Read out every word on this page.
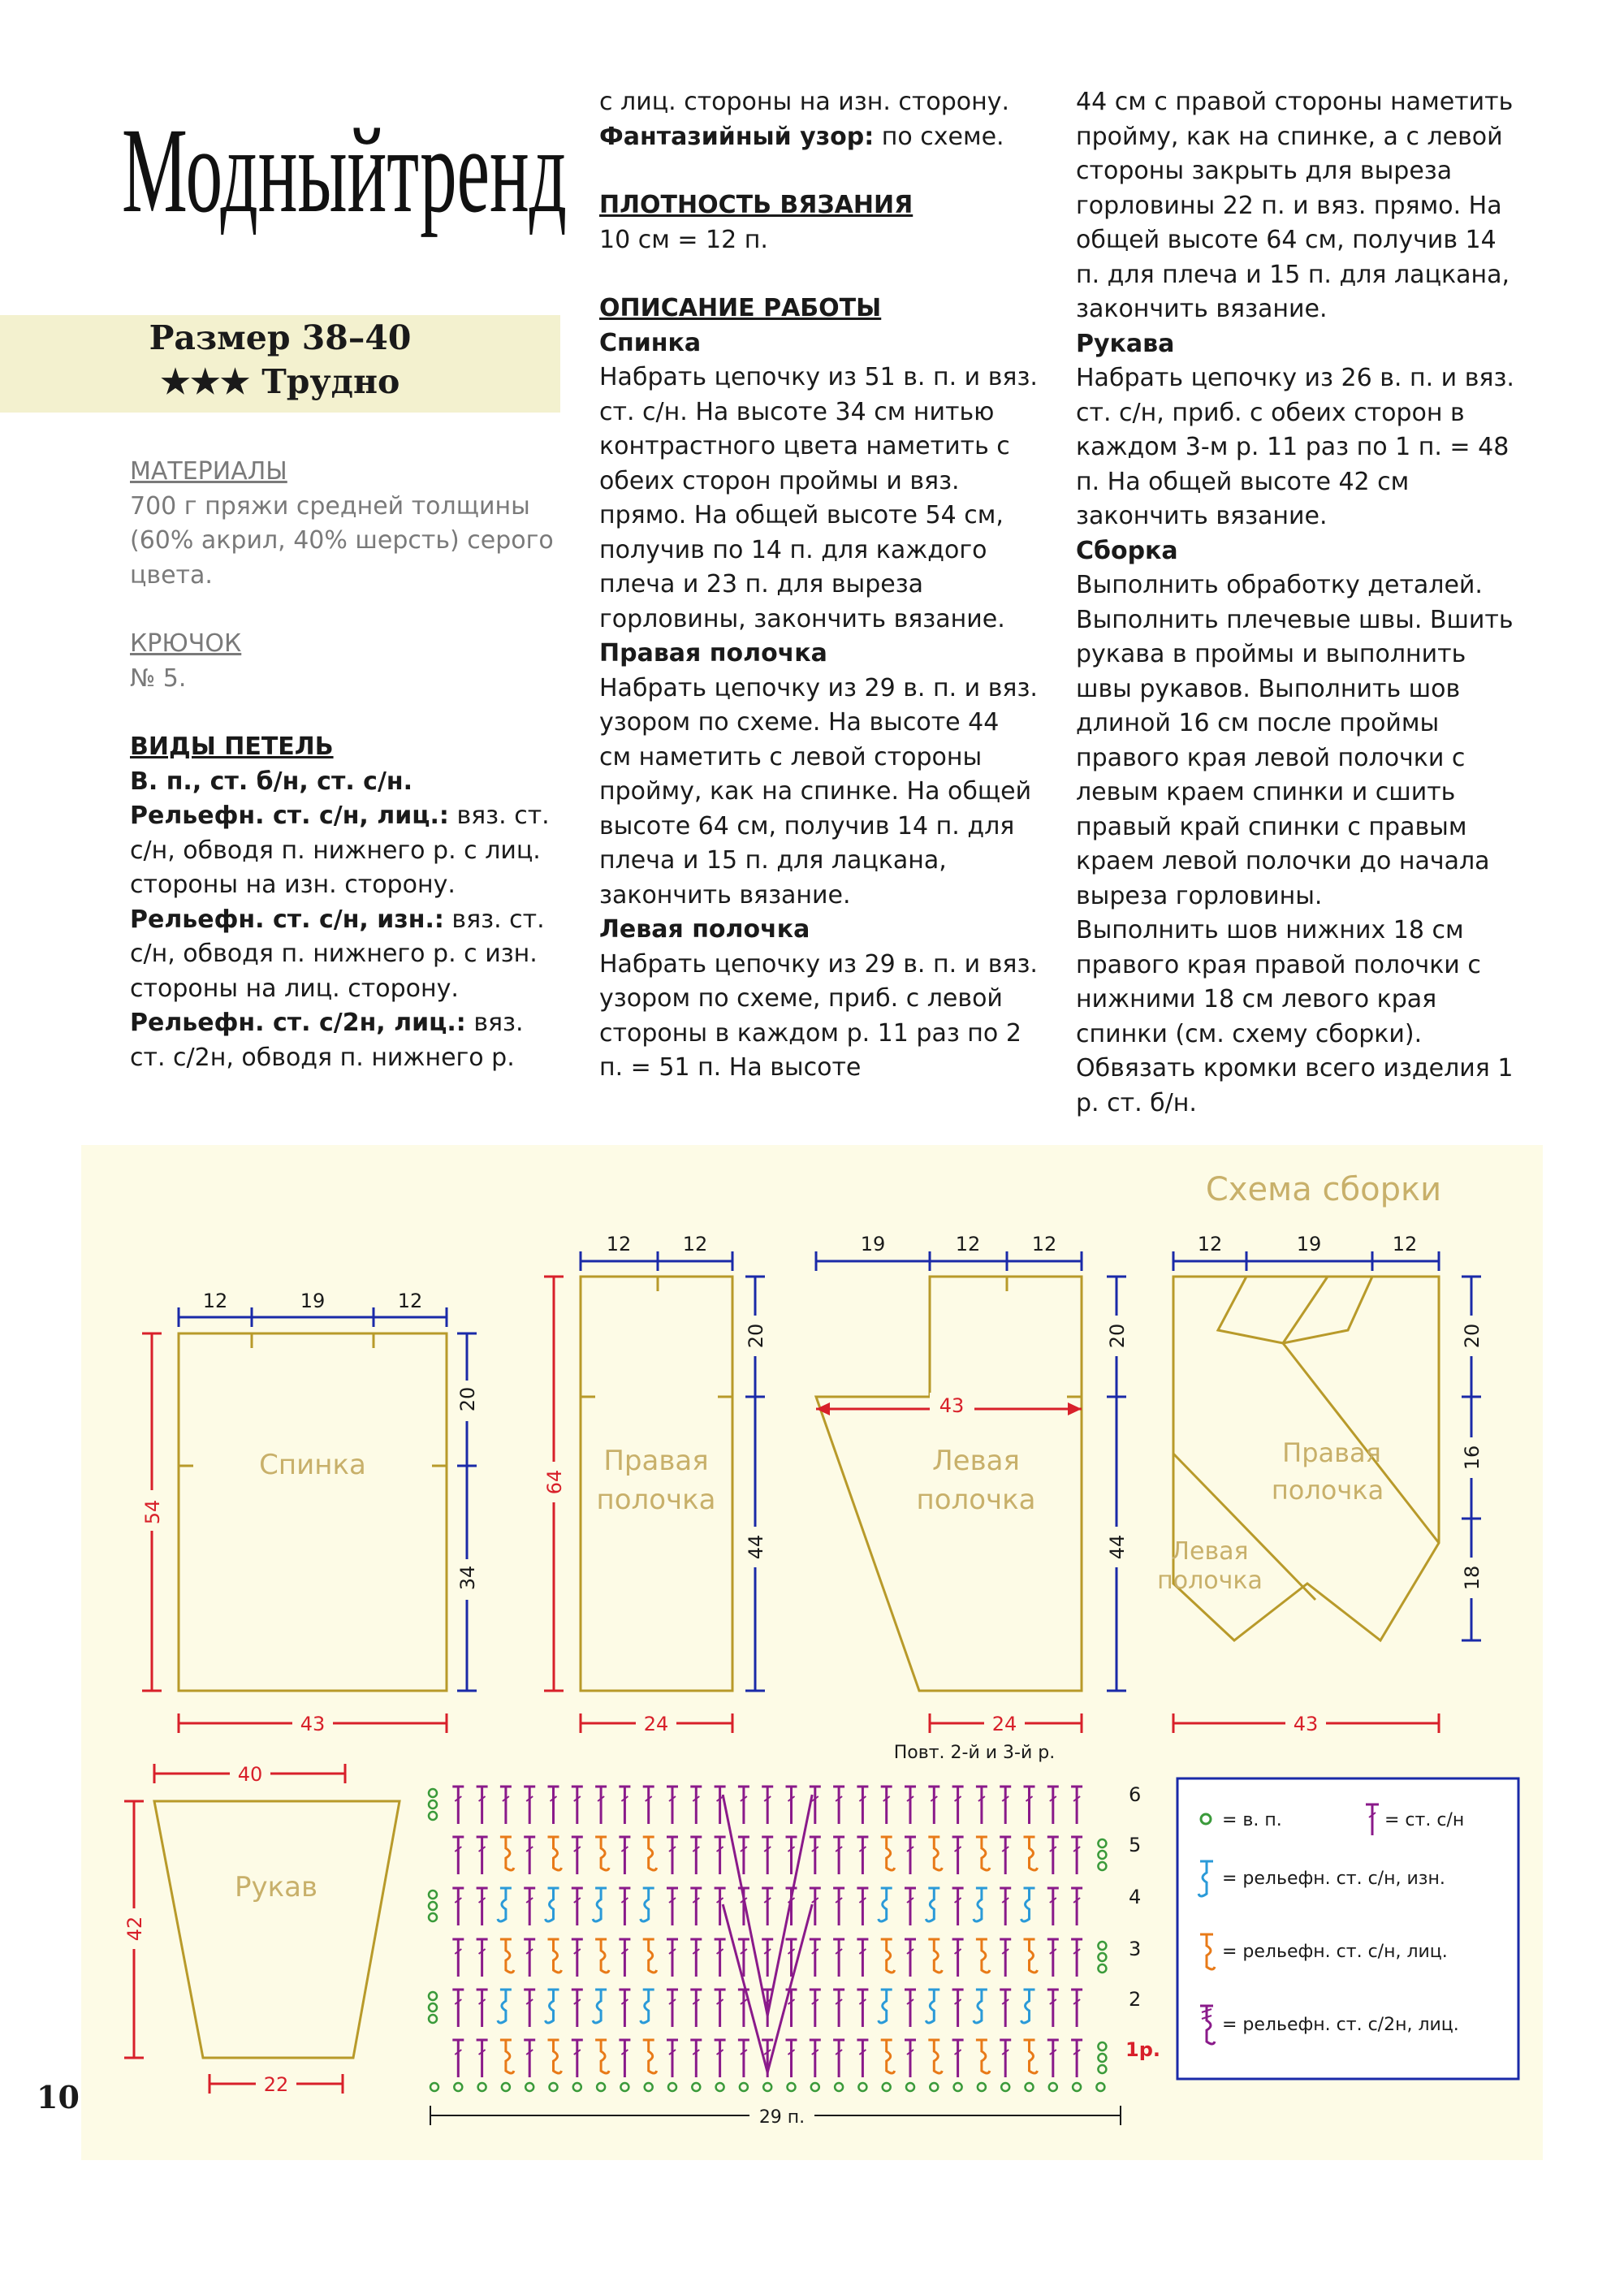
Модныйтренд
Размер 38–40
★★★ Трудно

МАТЕРИАЛЫ

700 г пряжи средней толщины (60% акрил, 40% шерсть) серого цвета.

КРЮЧОК

№ 5.

ВИДЫ ПЕТЕЛЬ

В. п., ст. б/н, ст. с/н.

Рельефн. ст. с/н, лиц.: вяз. ст. с/н, обводя п. нижнего р. с лиц. стороны на изн. сторону.

Рельефн. ст. с/н, изн.: вяз. ст. с/н, обводя п. нижнего р. с изн. стороны на лиц. сторону.

Рельефн. ст. с/2н, лиц.: вяз. ст. с/2н, обводя п. нижнего р.

с лиц. стороны на изн. сторону.

Фантазийный узор: по схеме.

ПЛОТНОСТЬ ВЯЗАНИЯ

10 см = 12 п.

ОПИСАНИЕ РАБОТЫ

Спинка

Набрать цепочку из 51 в. п. и вяз. ст. с/н. На высоте 34 см нитью контрастного цвета наметить с обеих сторон проймы и вяз. прямо. На общей высоте 54 см, получив по 14 п. для каждого плеча и 23 п. для выреза горловины, закончить вязание.

Правая полочка

Набрать цепочку из 29 в. п. и вяз. узором по схеме. На высоте 44 см наметить с левой стороны пройму, как на спинке. На общей высоте 64 см, получив 14 п. для плеча и 15 п. для лацкана, закончить вязание.

Левая полочка

Набрать цепочку из 29 в. п. и вяз. узором по схеме, приб. с левой стороны в каждом р. 11 раз по 2 п. = 51 п. На высоте

44 см с правой стороны наметить пройму, как на спинке, а с левой стороны закрыть для выреза горловины 22 п. и вяз. прямо. На общей высоте 64 см, получив 14 п. для плеча и 15 п. для лацкана, закончить вязание.

Рукава

Набрать цепочку из 26 в. п. и вяз. ст. с/н, приб. с обеих сторон в каждом 3-м р. 11 раз по 1 п. = 48 п. На общей высоте 42 см закончить вязание.

Сборка

Выполнить обработку деталей. Выполнить плечевые швы. Вшить рукава в проймы и выполнить швы рукавов. Выполнить шов длиной 16 см после проймы правого края левой полочки с левым краем спинки и сшить правый край спинки с правым краем левой полочки до начала выреза горловины.

Выполнить шов нижних 18 см правого края правой полочки с нижними 18 см левого края спинки (см. схему сборки). Обвязать кромки всего изделия 1 р. ст. б/н.

Спинка
12	19	12
54
20
34
43
Правая
полочка
12	12
64
20
44
24
43
Левая
полочка
19	12	12
20
44
24
Схема сборки
Правая
полочка
Левая
полочка
12	19	12
20
16
18
43
Рукав
40
42
22
Повт. 2-й и 3-й р.
6
5
4
3
2
1р.
29 п.
= в. п.	= ст. с/н
= рельефн. ст. с/н, изн.
= рельефн. ст. с/н, лиц.
= рельефн. ст. с/2н, лиц.
10
